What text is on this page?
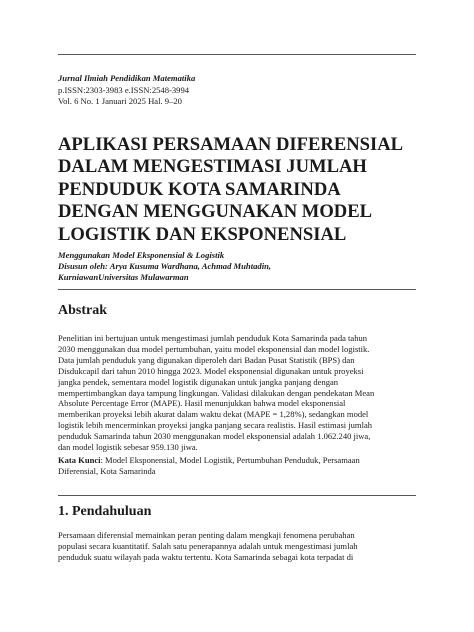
Jurnal Ilmiah Pendidikan Matematika
p.ISSN:2303-3983 e.ISSN:2548-3994
Vol. 6 No. 1 Januari 2025 Hal. 9–20
APLIKASI PERSAMAAN DIFERENSIAL
DALAM MENGESTIMASI JUMLAH
PENDUDUK KOTA SAMARINDA
DENGAN MENGGUNAKAN MODEL
LOGISTIK DAN EKSPONENSIAL
Menggunakan Model Eksponensial & Logistik
Disusun oleh: Arya Kusuma Wardhana, Achmad Muhtadin,
KurniawanUniversitas Mulawarman
Abstrak
Penelitian ini bertujuan untuk mengestimasi jumlah penduduk Kota Samarinda pada tahun
2030 menggunakan dua model pertumbuhan, yaitu model eksponensial dan model logistik.
Data jumlah penduduk yang digunakan diperoleh dari Badan Pusat Statistik (BPS) dan
Disdukcapil dari tahun 2010 hingga 2023. Model eksponensial digunakan untuk proyeksi
jangka pendek, sementara model logistik digunakan untuk jangka panjang dengan
mempertimbangkan daya tampung lingkungan. Validasi dilakukan dengan pendekatan Mean
Absolute Percentage Error (MAPE). Hasil menunjukkan bahwa model eksponensial
memberikan proyeksi lebih akurat dalam waktu dekat (MAPE = 1,28%), sedangkan model
logistik lebih mencerminkan proyeksi jangka panjang secara realistis. Hasil estimasi jumlah
penduduk Samarinda tahun 2030 menggunakan model eksponensial adalah 1.062.240 jiwa,
dan model logistik sebesar 959.130 jiwa.
Kata Kunci: Model Eksponensial, Model Logistik, Pertumbuhan Penduduk, Persamaan
Diferensial, Kota Samarinda
1. Pendahuluan
Persamaan diferensial memainkan peran penting dalam mengkaji fenomena perubahan
populasi secara kuantitatif. Salah satu penerapannya adalah untuk mengestimasi jumlah
penduduk suatu wilayah pada waktu tertentu. Kota Samarinda sebagai kota terpadat di
